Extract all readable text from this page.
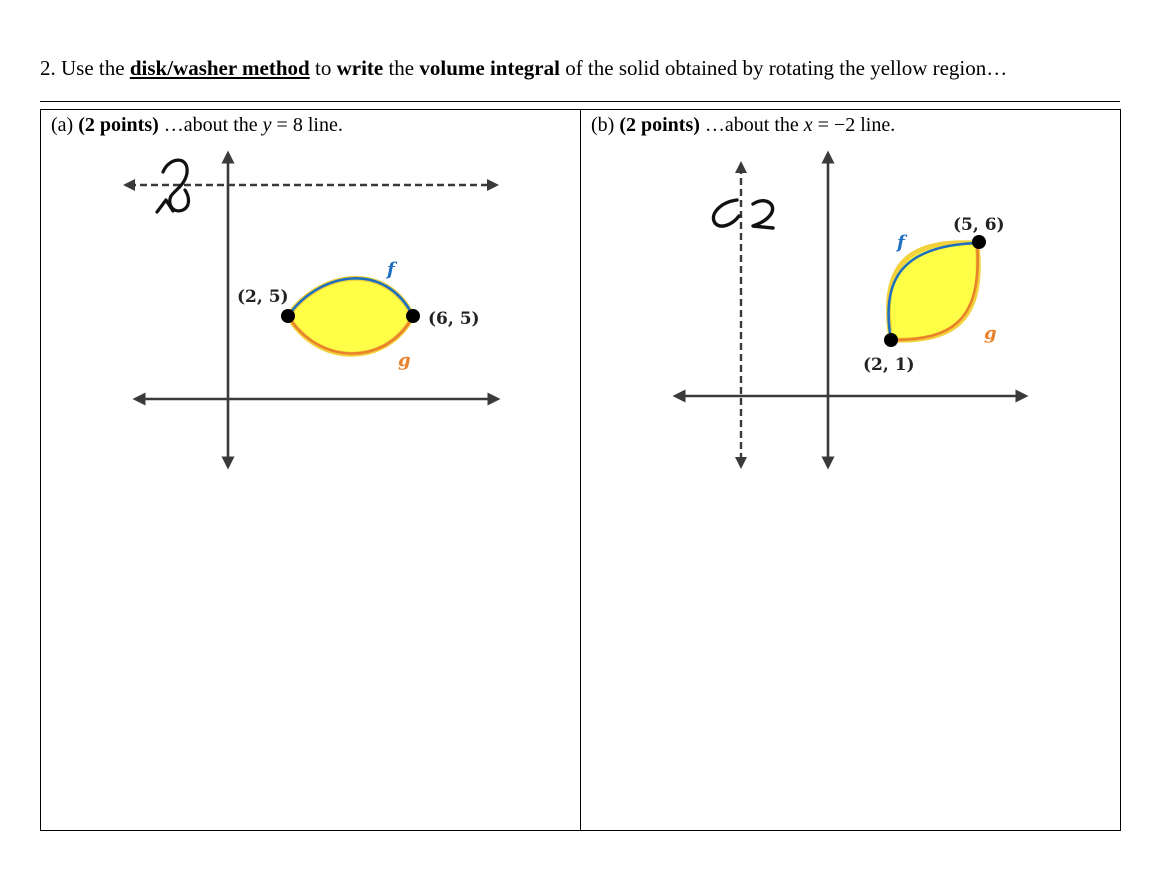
2. Use the disk/washer method to write the volume integral of the solid obtained by rotating the yellow region…
(a) (2 points) …about the y = 8 line.
(2, 5)
(6, 5)
f
g
(b) (2 points) …about the x = −2 line.
(5, 6)
(2, 1)
f
g
